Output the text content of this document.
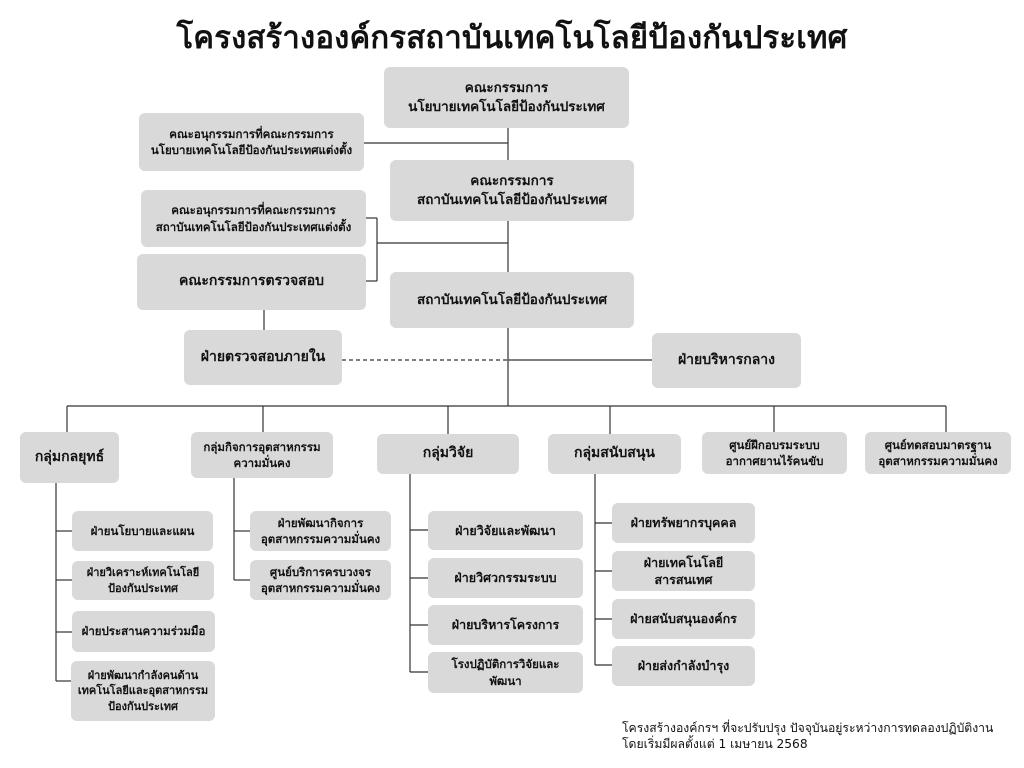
โครงสร้างองค์กรสถาบันเทคโนโลยีป้องกันประเทศ
คณะกรรมการ
นโยบายเทคโนโลยีป้องกันประเทศ
คณะอนุกรรมการที่คณะกรรมการ
นโยบายเทคโนโลยีป้องกันประเทศแต่งตั้ง
คณะกรรมการ
สถาบันเทคโนโลยีป้องกันประเทศ
คณะอนุกรรมการที่คณะกรรมการ
สถาบันเทคโนโลยีป้องกันประเทศแต่งตั้ง
คณะกรรมการตรวจสอบ
สถาบันเทคโนโลยีป้องกันประเทศ
ฝ่ายตรวจสอบภายใน	ฝ่ายบริหารกลาง
กลุ่มกลยุทธ์
กลุ่มกิจการอุตสาหกรรม
ความมั่นคง
กลุ่มวิจัย	กลุ่มสนับสนุน
ศูนย์ฝึกอบรมระบบ
อากาศยานไร้คนขับ
ศูนย์ทดสอบมาตรฐาน
อุตสาหกรรมความมั่นคง
ฝ่ายนโยบายและแผน
ฝ่ายวิเคราะห์เทคโนโลยี
ป้องกันประเทศ
ฝ่ายประสานความร่วมมือ
ฝ่ายพัฒนากำลังคนด้าน
เทคโนโลยีและอุตสาหกรรม
ป้องกันประเทศ
ฝ่ายพัฒนากิจการ
อุตสาหกรรมความมั่นคง
ศูนย์บริการครบวงจร
อุตสาหกรรมความมั่นคง
ฝ่ายวิจัยและพัฒนา
ฝ่ายวิศวกรรมระบบ
ฝ่ายบริหารโครงการ
โรงปฏิบัติการวิจัยและ
พัฒนา
ฝ่ายทรัพยากรบุคคล
ฝ่ายเทคโนโลยีสารสนเทศ
ฝ่ายสนับสนุนองค์กร
ฝ่ายส่งกำลังบำรุง
โครงสร้างองค์กรฯ ที่จะปรับปรุง ปัจจุบันอยู่ระหว่างการทดลองปฏิบัติงาน
โดยเริ่มมีผลตั้งแต่ 1 เมษายน 2568
